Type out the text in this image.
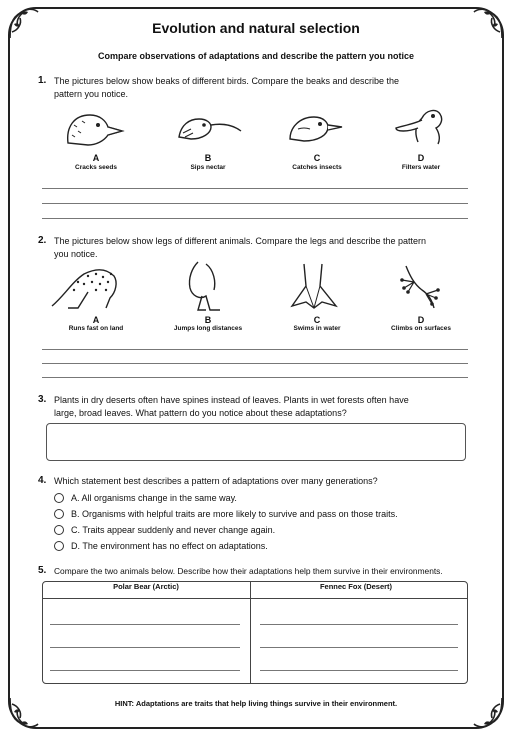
Evolution and natural selection
Compare observations of adaptations and describe the pattern you notice
1. The pictures below show beaks of different birds. Compare the beaks and describe the
pattern you notice.
A
Cracks seeds
B
Sips nectar
C
Catches insects
D
Filters water
2. The pictures below show legs of different animals. Compare the legs and describe the pattern
you notice.
A
Runs fast on land
B
Jumps long distances
C
Swims in water
D
Climbs on surfaces
3. Plants in dry deserts often have spines instead of leaves. Plants in wet forests often have
large, broad leaves. What pattern do you notice about these adaptations?
4. Which statement best describes a pattern of adaptations over many generations?
A. All organisms change in the same way.
B. Organisms with helpful traits are more likely to survive and pass on those traits.
C. Traits appear suddenly and never change again.
D. The environment has no effect on adaptations.
5. Compare the two animals below. Describe how their adaptations help them survive in their environments.
Polar Bear (Arctic)	Fennec Fox (Desert)
HINT: Adaptations are traits that help living things survive in their environment.
